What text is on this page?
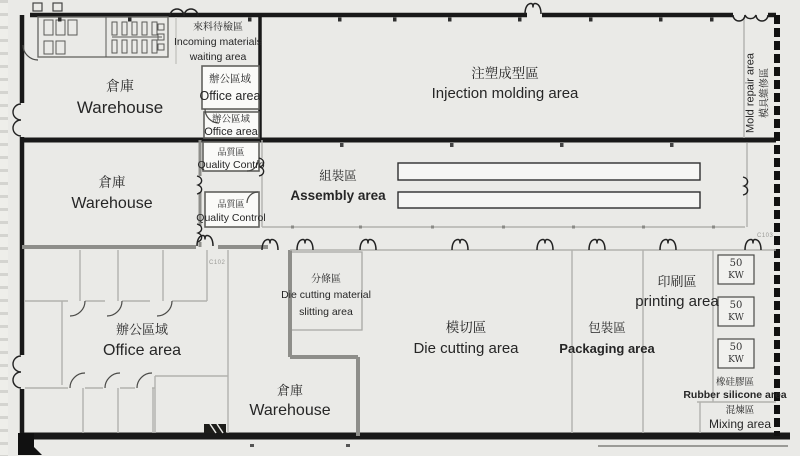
倉庫
Warehouse
來料待檢區
Incoming materials
waiting area
辦公區域
Office area
辦公區域
Office area
注塑成型區
Injection molding area	Mold repair area 模具維修區
倉庫
Warehouse
品質區
Quality Contro
品質區
Quality Control
組裝區
Assembly area
辦公區域
Office area
分條區
Die cutting material
slitting area
倉庫
Warehouse
模切區
Die cutting area
包裝區
Packaging area
印刷區
printing area
橡硅膠區
Rubber silicone area
混煉區
Mixing area
50
KW
50
KW
50
KW
C102
C103
